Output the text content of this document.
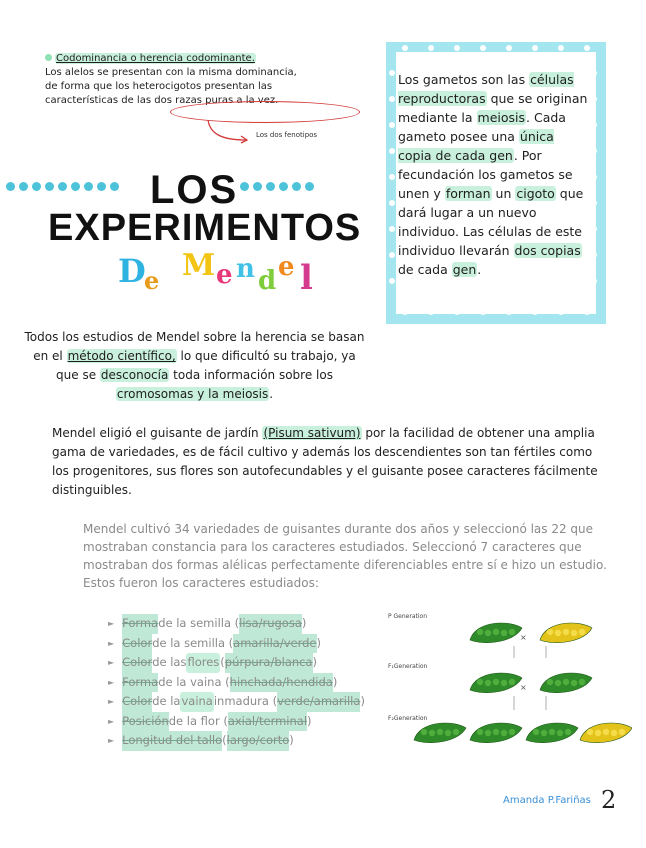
Codominancia o herencia codominante.
Los alelos se presentan con la misma dominancia,
de forma que los heterocigotos presentan las
características de las dos razas puras a la vez.
Los dos fenotipos
LOS
EXPERIMENTOS
D
e M e n d e l
Los gametos son las células reproductoras que se originan mediante la meiosis. Cada gameto posee una única copia de cada gen. Por fecundación los gametos se unen y forman un cigoto que dará lugar a un nuevo individuo. Las células de este individuo llevarán dos copias de cada gen.
Todos los estudios de Mendel sobre la herencia se basan en el método científico, lo que dificultó su trabajo, ya que se desconocía toda información sobre los cromosomas y la meiosis.
Mendel eligió el guisante de jardín (Pisum sativum) por la facilidad de obtener una amplia gama de variedades, es de fácil cultivo y además los descendientes son tan fértiles como los progenitores, sus flores son autofecundables y el guisante posee caracteres fácilmente distinguibles.
Mendel cultivó 34 variedades de guisantes durante dos años y seleccionó las 22 que mostraban constancia para los caracteres estudiados. Seleccionó 7 caracteres que mostraban dos formas alélicas perfectamente diferenciables entre sí e hizo un estudio. Estos fueron los caracteres estudiados:
► Forma de la semilla ( lisa/rugosa )
► Color de la semilla ( amarilla/verde )
► Color de las flores ( púrpura/blanca )
► Forma de la vaina ( hinchada/hendida )
► Color de la vaina inmadura ( verde/amarilla )
► Posición de la flor ( axial/terminal )
► Longitud del tallo ( largo/corto )
P Generation
F₁Generation
F₂Generation
×
×
Amanda P.Fariñas 2
